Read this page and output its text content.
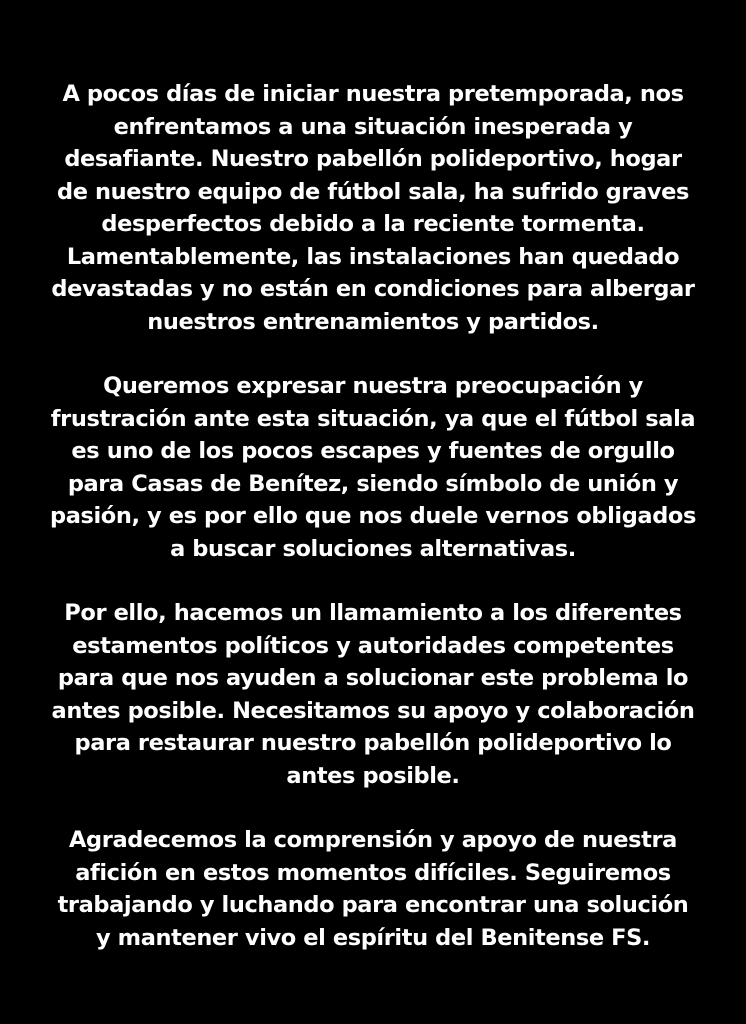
A pocos días de iniciar nuestra pretemporada, nos
enfrentamos a una situación inesperada y
desafiante. Nuestro pabellón polideportivo, hogar
de nuestro equipo de fútbol sala, ha sufrido graves
desperfectos debido a la reciente tormenta.
Lamentablemente, las instalaciones han quedado
devastadas y no están en condiciones para albergar
nuestros entrenamientos y partidos.

Queremos expresar nuestra preocupación y
frustración ante esta situación, ya que el fútbol sala
es uno de los pocos escapes y fuentes de orgullo
para Casas de Benítez, siendo símbolo de unión y
pasión, y es por ello que nos duele vernos obligados
a buscar soluciones alternativas.

Por ello, hacemos un llamamiento a los diferentes
estamentos políticos y autoridades competentes
para que nos ayuden a solucionar este problema lo
antes posible. Necesitamos su apoyo y colaboración
para restaurar nuestro pabellón polideportivo lo
antes posible.

Agradecemos la comprensión y apoyo de nuestra
afición en estos momentos difíciles. Seguiremos
trabajando y luchando para encontrar una solución
y mantener vivo el espíritu del Benitense FS.
